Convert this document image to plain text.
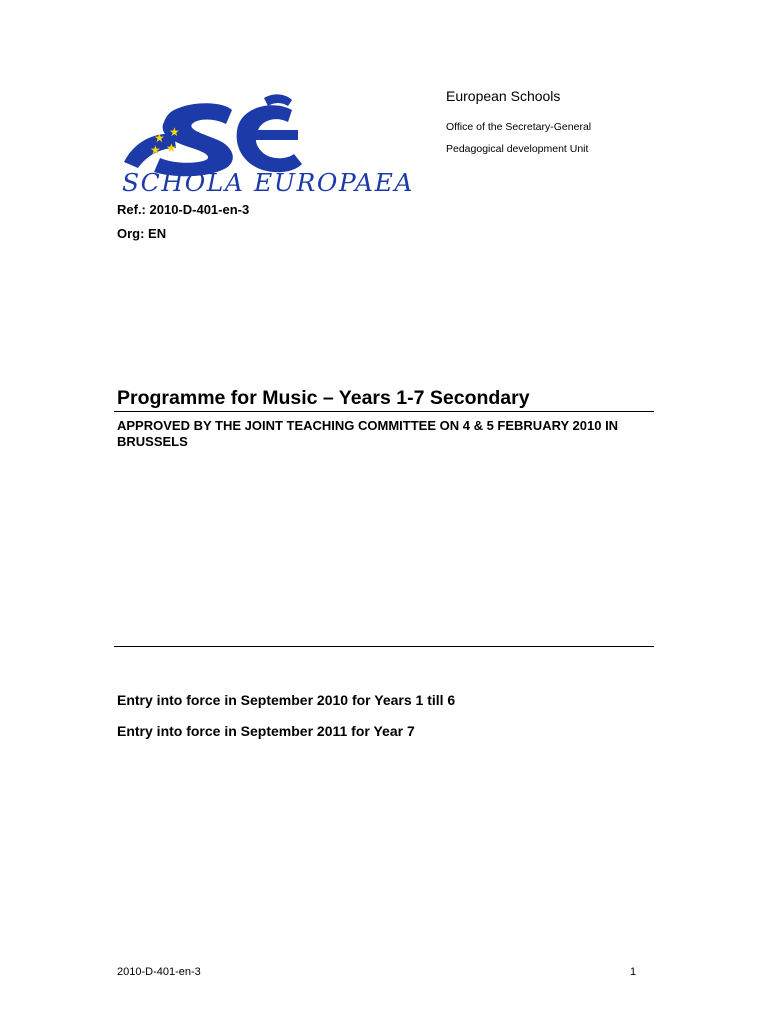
★ ★
★ ★
SCHOLA EUROPAEA
European Schools
Office of the Secretary-General
Pedagogical development Unit
Ref.: 2010-D-401-en-3
Org: EN
Programme for Music – Years 1-7 Secondary
APPROVED BY THE JOINT TEACHING COMMITTEE ON 4 & 5 FEBRUARY 2010 IN BRUSSELS
Entry into force in September 2010 for Years 1 till 6
Entry into force in September 2011 for Year 7
2010-D-401-en-3	1
